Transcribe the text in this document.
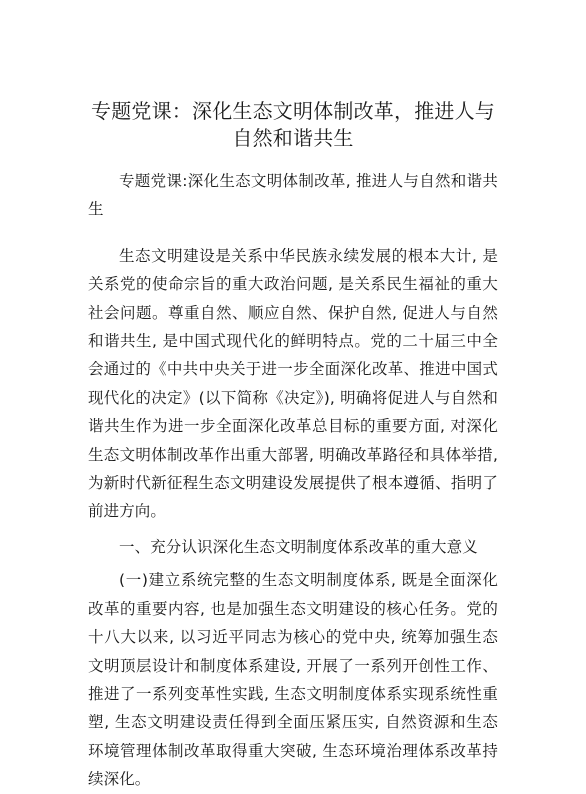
专题党课：深化生态文明体制改革，推进人与自然和谐共生

专题党课:深化生态文明体制改革, 推进人与自然和谐共生

生态文明建设是关系中华民族永续发展的根本大计, 是关系党的使命宗旨的重大政治问题, 是关系民生福祉的重大社会问题。尊重自然、顺应自然、保护自然, 促进人与自然和谐共生, 是中国式现代化的鲜明特点。党的二十届三中全会通过的《中共中央关于进一步全面深化改革、推进中国式现代化的决定》(以下简称《决定》), 明确将促进人与自然和谐共生作为进一步全面深化改革总目标的重要方面, 对深化生态文明体制改革作出重大部署, 明确改革路径和具体举措, 为新时代新征程生态文明建设发展提供了根本遵循、指明了前进方向。

一、充分认识深化生态文明制度体系改革的重大意义

(一)建立系统完整的生态文明制度体系, 既是全面深化改革的重要内容, 也是加强生态文明建设的核心任务。党的十八大以来, 以习近平同志为核心的党中央, 统筹加强生态文明顶层设计和制度体系建设, 开展了一系列开创性工作、推进了一系列变革性实践, 生态文明制度体系实现系统性重塑, 生态文明建设责任得到全面压紧压实, 自然资源和生态环境管理体制改革取得重大突破, 生态环境治理体系改革持续深化。
